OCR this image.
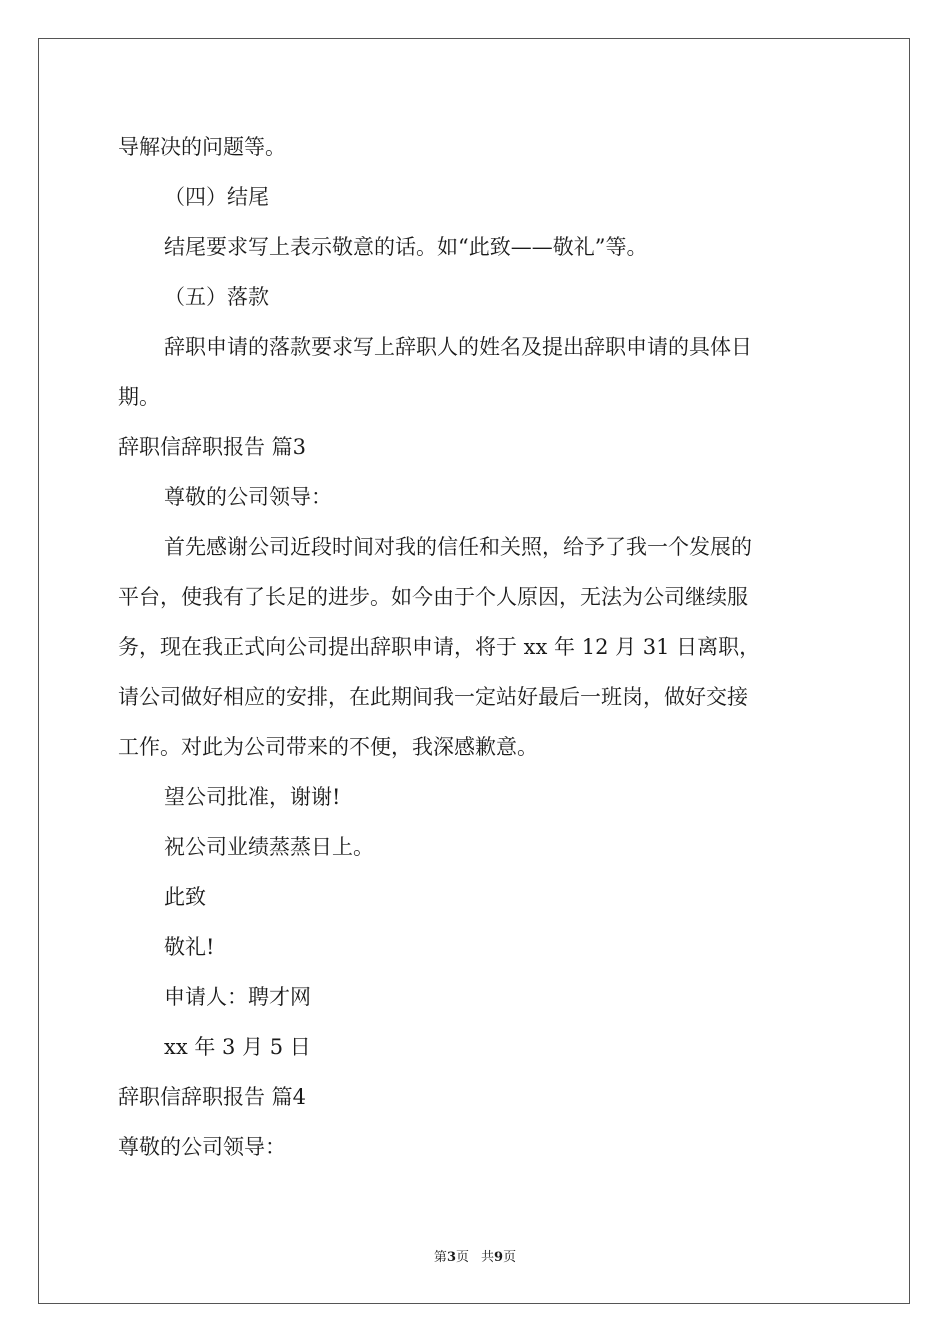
导解决的问题等。

（四）结尾

结尾要求写上表示敬意的话。如“此致——敬礼”等。

（五）落款

辞职申请的落款要求写上辞职人的姓名及提出辞职申请的具体日

期。

辞职信辞职报告 篇3

尊敬的公司领导：

首先感谢公司近段时间对我的信任和关照，给予了我一个发展的

平台，使我有了长足的进步。如今由于个人原因，无法为公司继续服

务，现在我正式向公司提出辞职申请，将于 xx 年 12 月 31 日离职，

请公司做好相应的安排，在此期间我一定站好最后一班岗，做好交接

工作。对此为公司带来的不便，我深感歉意。

望公司批准，谢谢!

祝公司业绩蒸蒸日上。

此致

敬礼!

申请人：聘才网

xx 年 3 月 5 日

辞职信辞职报告 篇4

尊敬的公司领导：

第3页 共9页
